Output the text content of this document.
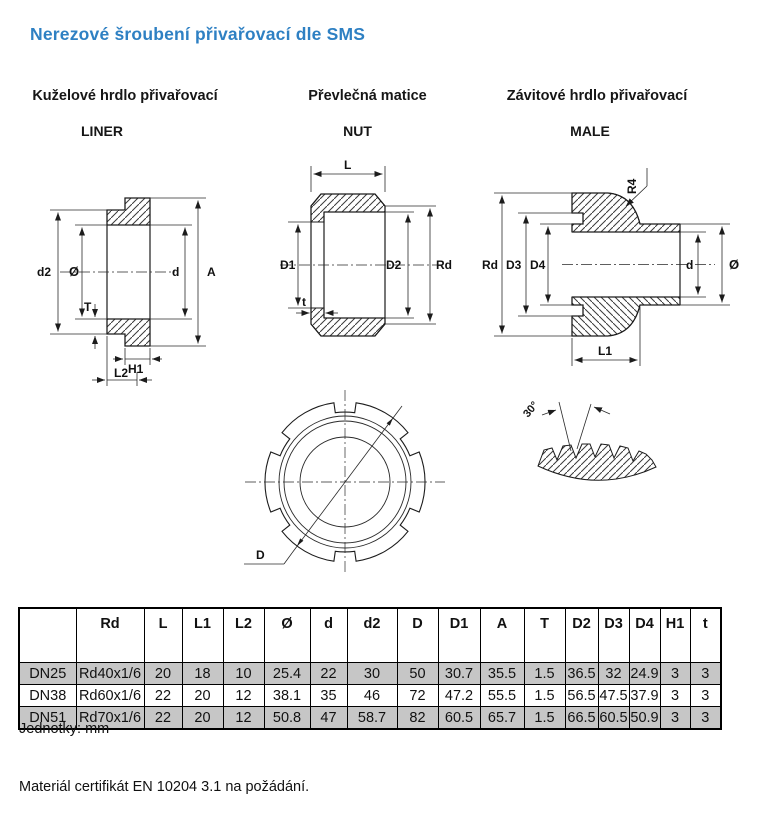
Nerezové šroubení přivařovací dle SMS
Kuželové hrdlo přivařovací	Převlečná matice	Závitové hrdlo přivařovací
LINER	NUT	MALE
d2 Ø
T
d A
H1
L2
L
D1	D2	Rd
t
Rd D3 D4	d	Ø
L1
R4
D
30°
	Rd	L	L1	L2	Ø	d	d2	D	D1	A	T	D2	D3	D4	H1	t
DN25	Rd40x1/6	20	18	10	25.4	22	30	50	30.7	35.5	1.5	36.5	32	24.9	3	3
DN38	Rd60x1/6	22	20	12	38.1	35	46	72	47.2	55.5	1.5	56.5	47.5	37.9	3	3
DN51	Rd70x1/6	22	20	12	50.8	47	58.7	82	60.5	65.7	1.5	66.5	60.5	50.9	3	3
Jednotky: mm
Materiál certifikát EN 10204 3.1 na požádání.
